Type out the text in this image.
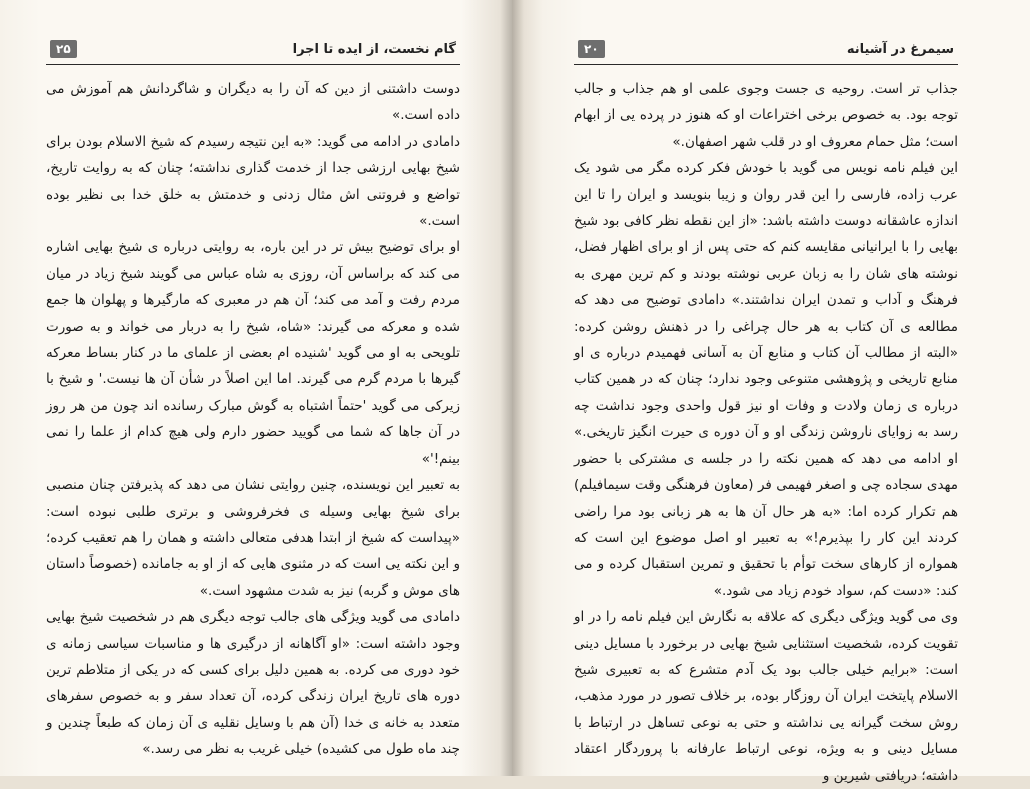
گام نخست، از ایده تا اجرا
۲۵

دوست داشتنی از دین که آن را به دیگران و شاگردانش هم آموزش می داده است.»

دامادی در ادامه می گوید: «به این نتیجه رسیدم که شیخ الاسلام بودن برای شیخ بهایی ارزشی جدا از خدمت گذاری نداشته؛ چنان که به روایت تاریخ، تواضع و فروتنی اش مثال زدنی و خدمتش به خلق خدا بی نظیر بوده است.»

او برای توضیح بیش تر در این باره، به روایتی درباره ی شیخ بهایی اشاره می کند که براساس آن، روزی به شاه عباس می گویند شیخ زیاد در میان مردم رفت و آمد می کند؛ آن هم در معبری که مارگیرها و پهلوان ها جمع شده و معرکه می گیرند: «شاه، شیخ را به دربار می خواند و به صورت تلویحی به او می گوید 'شنیده ام بعضی از علمای ما در کنار بساط معرکه گیرها با مردم گرم می گیرند. اما این اصلاً در شأن آن ها نیست.' و شیخ با زیرکی می گوید 'حتماً اشتباه به گوش مبارک رسانده اند چون من هر روز در آن جاها که شما می گویید حضور دارم ولی هیچ کدام از علما را نمی بینم!'»

به تعبیر این نویسنده، چنین روایتی نشان می دهد که پذیرفتن چنان منصبی برای شیخ بهایی وسیله ی فخرفروشی و برتری طلبی نبوده است: «پیداست که شیخ از ابتدا هدفی متعالی داشته و همان را هم تعقیب کرده؛ و این نکته یی است که در مثنوی هایی که از او به جامانده (خصوصاً داستان های موش و گربه) نیز به شدت مشهود است.»

دامادی می گوید ویژگی های جالب توجه دیگری هم در شخصیت شیخ بهایی وجود داشته است: «او آگاهانه از درگیری ها و مناسبات سیاسی زمانه ی خود دوری می کرده. به همین دلیل برای کسی که در یکی از متلاطم ترین دوره های تاریخ ایران زندگی کرده، آن تعداد سفر و به خصوص سفرهای متعدد به خانه ی خدا (آن هم با وسایل نقلیه ی آن زمان که طبعاً چندین و چند ماه طول می کشیده) خیلی غریب به نظر می رسد.»

سیمرغ در آشیانه
۲۰

جذاب تر است. روحیه ی جست وجوی علمی او هم جذاب و جالب توجه بود. به خصوص برخی اختراعات او که هنوز در پرده یی از ابهام است؛ مثل حمام معروف او در قلب شهر اصفهان.»

این فیلم نامه نویس می گوید با خودش فکر کرده مگر می شود یک عرب زاده، فارسی را این قدر روان و زیبا بنویسد و ایران را تا این اندازه عاشقانه دوست داشته باشد: «از این نقطه نظر کافی بود شیخ بهایی را با ایرانیانی مقایسه کنم که حتی پس از او برای اظهار فضل، نوشته های شان را به زبان عربی نوشته بودند و کم ترین مهری به فرهنگ و آداب و تمدن ایران نداشتند.» دامادی توضیح می دهد که مطالعه ی آن کتاب به هر حال چراغی را در ذهنش روشن کرده: «البته از مطالب آن کتاب و منابع آن به آسانی فهمیدم درباره ی او منابع تاریخی و پژوهشی متنوعی وجود ندارد؛ چنان که در همین کتاب درباره ی زمان ولادت و وفات او نیز قول واحدی وجود نداشت چه رسد به زوایای ناروشن زندگی او و آن دوره ی حیرت انگیز تاریخی.» او ادامه می دهد که همین نکته را در جلسه ی مشترکی با حضور مهدی سجاده چی و اصغر فهیمی فر (معاون فرهنگی وقت سیمافیلم) هم تکرار کرده اما: «به هر حال آن ها به هر زبانی بود مرا راضی کردند این کار را بپذیرم!» به تعبیر او اصل موضوع این است که همواره از کارهای سخت توأم با تحقیق و تمرین استقبال کرده و می کند: «دست کم، سواد خودم زیاد می شود.»

وی می گوید ویژگی دیگری که علاقه به نگارش این فیلم نامه را در او تقویت کرده، شخصیت استثنایی شیخ بهایی در برخورد با مسایل دینی است: «برایم خیلی جالب بود یک آدم متشرع که به تعبیری شیخ الاسلام پایتخت ایران آن روزگار بوده، بر خلاف تصور در مورد مذهب، روش سخت گیرانه یی نداشته و حتی به نوعی تساهل در ارتباط با مسایل دینی و به ویژه، نوعی ارتباط عارفانه با پروردگار اعتقاد داشته؛ دریافتی شیرین و
